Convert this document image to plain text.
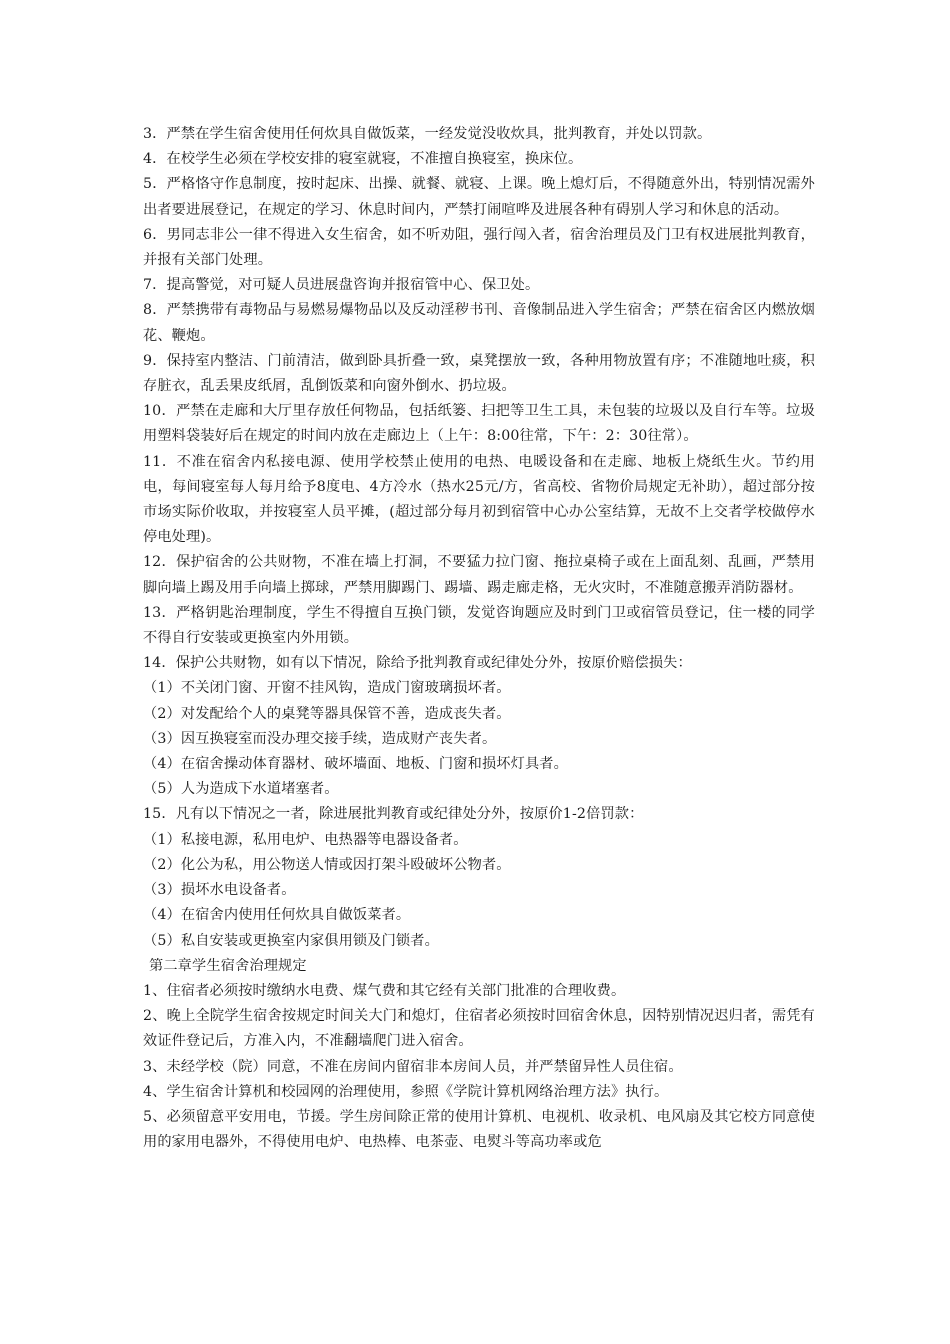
3．严禁在学生宿舍使用任何炊具自做饭菜，一经发觉没收炊具，批判教育，并处以罚款。

4．在校学生必须在学校安排的寝室就寝，不准擅自换寝室，换床位。

5．严格恪守作息制度，按时起床、出操、就餐、就寝、上课。晚上熄灯后，不得随意外出，特别情况需外出者要进展登记，在规定的学习、休息时间内，严禁打闹喧哗及进展各种有碍别人学习和休息的活动。

6．男同志非公一律不得进入女生宿舍，如不听劝阻，强行闯入者，宿舍治理员及门卫有权进展批判教育，并报有关部门处理。

7．提高警觉，对可疑人员进展盘咨询并报宿管中心、保卫处。

8．严禁携带有毒物品与易燃易爆物品以及反动淫秽书刊、音像制品进入学生宿舍；严禁在宿舍区内燃放烟花、鞭炮。

9．保持室内整洁、门前清洁，做到卧具折叠一致，桌凳摆放一致，各种用物放置有序；不准随地吐痰，积存脏衣，乱丢果皮纸屑，乱倒饭菜和向窗外倒水、扔垃圾。

10．严禁在走廊和大厅里存放任何物品，包括纸篓、扫把等卫生工具，未包装的垃圾以及自行车等。垃圾用塑料袋装好后在规定的时间内放在走廊边上（上午：8:00往常，下午：2：30往常）。

11．不准在宿舍内私接电源、使用学校禁止使用的电热、电暖设备和在走廊、地板上烧纸生火。节约用电，每间寝室每人每月给予8度电、4方冷水（热水25元/方，省高校、省物价局规定无补助），超过部分按市场实际价收取，并按寝室人员平摊，(超过部分每月初到宿管中心办公室结算，无故不上交者学校做停水停电处理)。

12．保护宿舍的公共财物，不准在墙上打洞，不要猛力拉门窗、拖拉桌椅子或在上面乱刻、乱画，严禁用脚向墙上踢及用手向墙上掷球，严禁用脚踢门、踢墙、踢走廊走格，无火灾时，不准随意搬弄消防器材。

13．严格钥匙治理制度，学生不得擅自互换门锁，发觉咨询题应及时到门卫或宿管员登记，住一楼的同学不得自行安装或更换室内外用锁。

14．保护公共财物，如有以下情况，除给予批判教育或纪律处分外，按原价赔偿损失：

（1）不关闭门窗、开窗不挂风钩，造成门窗玻璃损坏者。

（2）对发配给个人的桌凳等器具保管不善，造成丧失者。

（3）因互换寝室而没办理交接手续，造成财产丧失者。

（4）在宿舍操动体育器材、破坏墙面、地板、门窗和损坏灯具者。

（5）人为造成下水道堵塞者。

15．凡有以下情况之一者，除进展批判教育或纪律处分外，按原价1-2倍罚款：

（1）私接电源，私用电炉、电热器等电器设备者。

（2）化公为私，用公物送人情或因打架斗殴破坏公物者。

（3）损坏水电设备者。

（4）在宿舍内使用任何炊具自做饭菜者。

（5）私自安装或更换室内家俱用锁及门锁者。

第二章学生宿舍治理规定

1、住宿者必须按时缴纳水电费、煤气费和其它经有关部门批准的合理收费。

2、晚上全院学生宿舍按规定时间关大门和熄灯，住宿者必须按时回宿舍休息，因特别情况迟归者，需凭有效证件登记后，方准入内，不准翻墙爬门进入宿舍。

3、未经学校（院）同意，不准在房间内留宿非本房间人员，并严禁留异性人员住宿。

4、学生宿舍计算机和校园网的治理使用，参照《学院计算机网络治理方法》执行。

5、必须留意平安用电，节援。学生房间除正常的使用计算机、电视机、收录机、电风扇及其它校方同意使用的家用电器外，不得使用电炉、电热棒、电茶壶、电熨斗等高功率或危
